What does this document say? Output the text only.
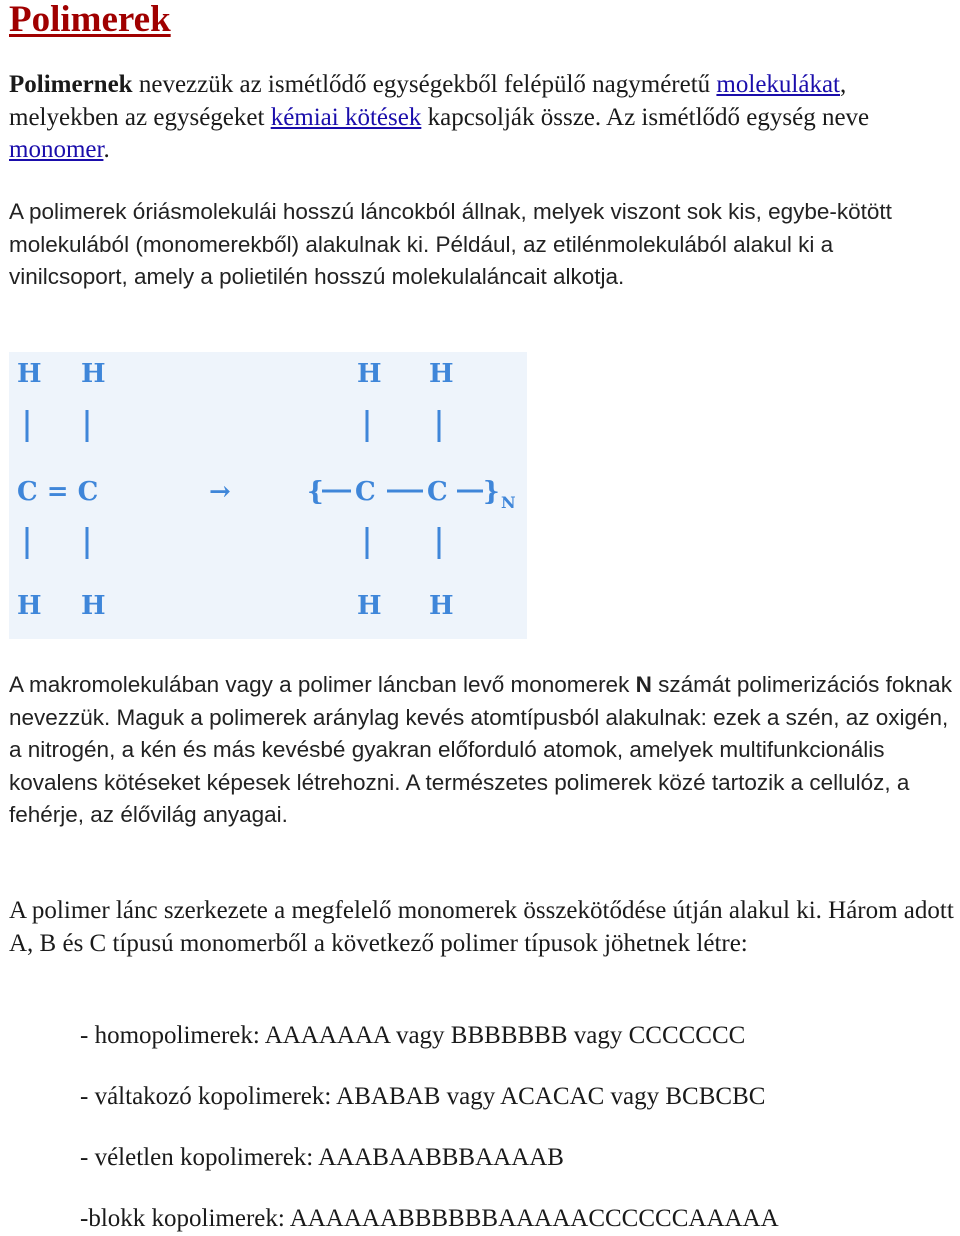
Polimerek

Polimernek nevezzük az ismétlődő egységekből felépülő nagyméretű molekulákat, melyekben az egységeket kémiai kötések kapcsolják össze. Az ismétlődő egység neve monomer.

A polimerek óriásmolekulái hosszú láncokból állnak, melyek viszont sok kis, egybe-kötött molekulából (monomerekből) alakulnak ki. Például, az etilénmolekulából alakul ki a vinilcsoport, amely a polietilén hosszú molekulaláncait alkotja.

H H
C = C
H H
→
H H
{ C C } N
H H

A makromolekulában vagy a polimer láncban levő monomerek N számát polimerizációs foknak nevezzük. Maguk a polimerek aránylag kevés atomtípusból alakulnak: ezek a szén, az oxigén, a nitrogén, a kén és más kevésbé gyakran előforduló atomok, amelyek multifunkcionális kovalens kötéseket képesek létrehozni. A természetes polimerek közé tartozik a cellulóz, a fehérje, az élővilág anyagai.

A polimer lánc szerkezete a megfelelő monomerek összekötődése útján alakul ki. Három adott A, B és C típusú monomerből a következő polimer típusok jöhetnek létre:

- homopolimerek: AAAAAAA vagy BBBBBBB vagy CCCCCCC
- váltakozó kopolimerek: ABABAB vagy ACACAC vagy BCBCBC
- véletlen kopolimerek: AAABAABBBAAAAB
-blokk kopolimerek: AAAAAABBBBBBAAAAACCCCCCAAAAA
